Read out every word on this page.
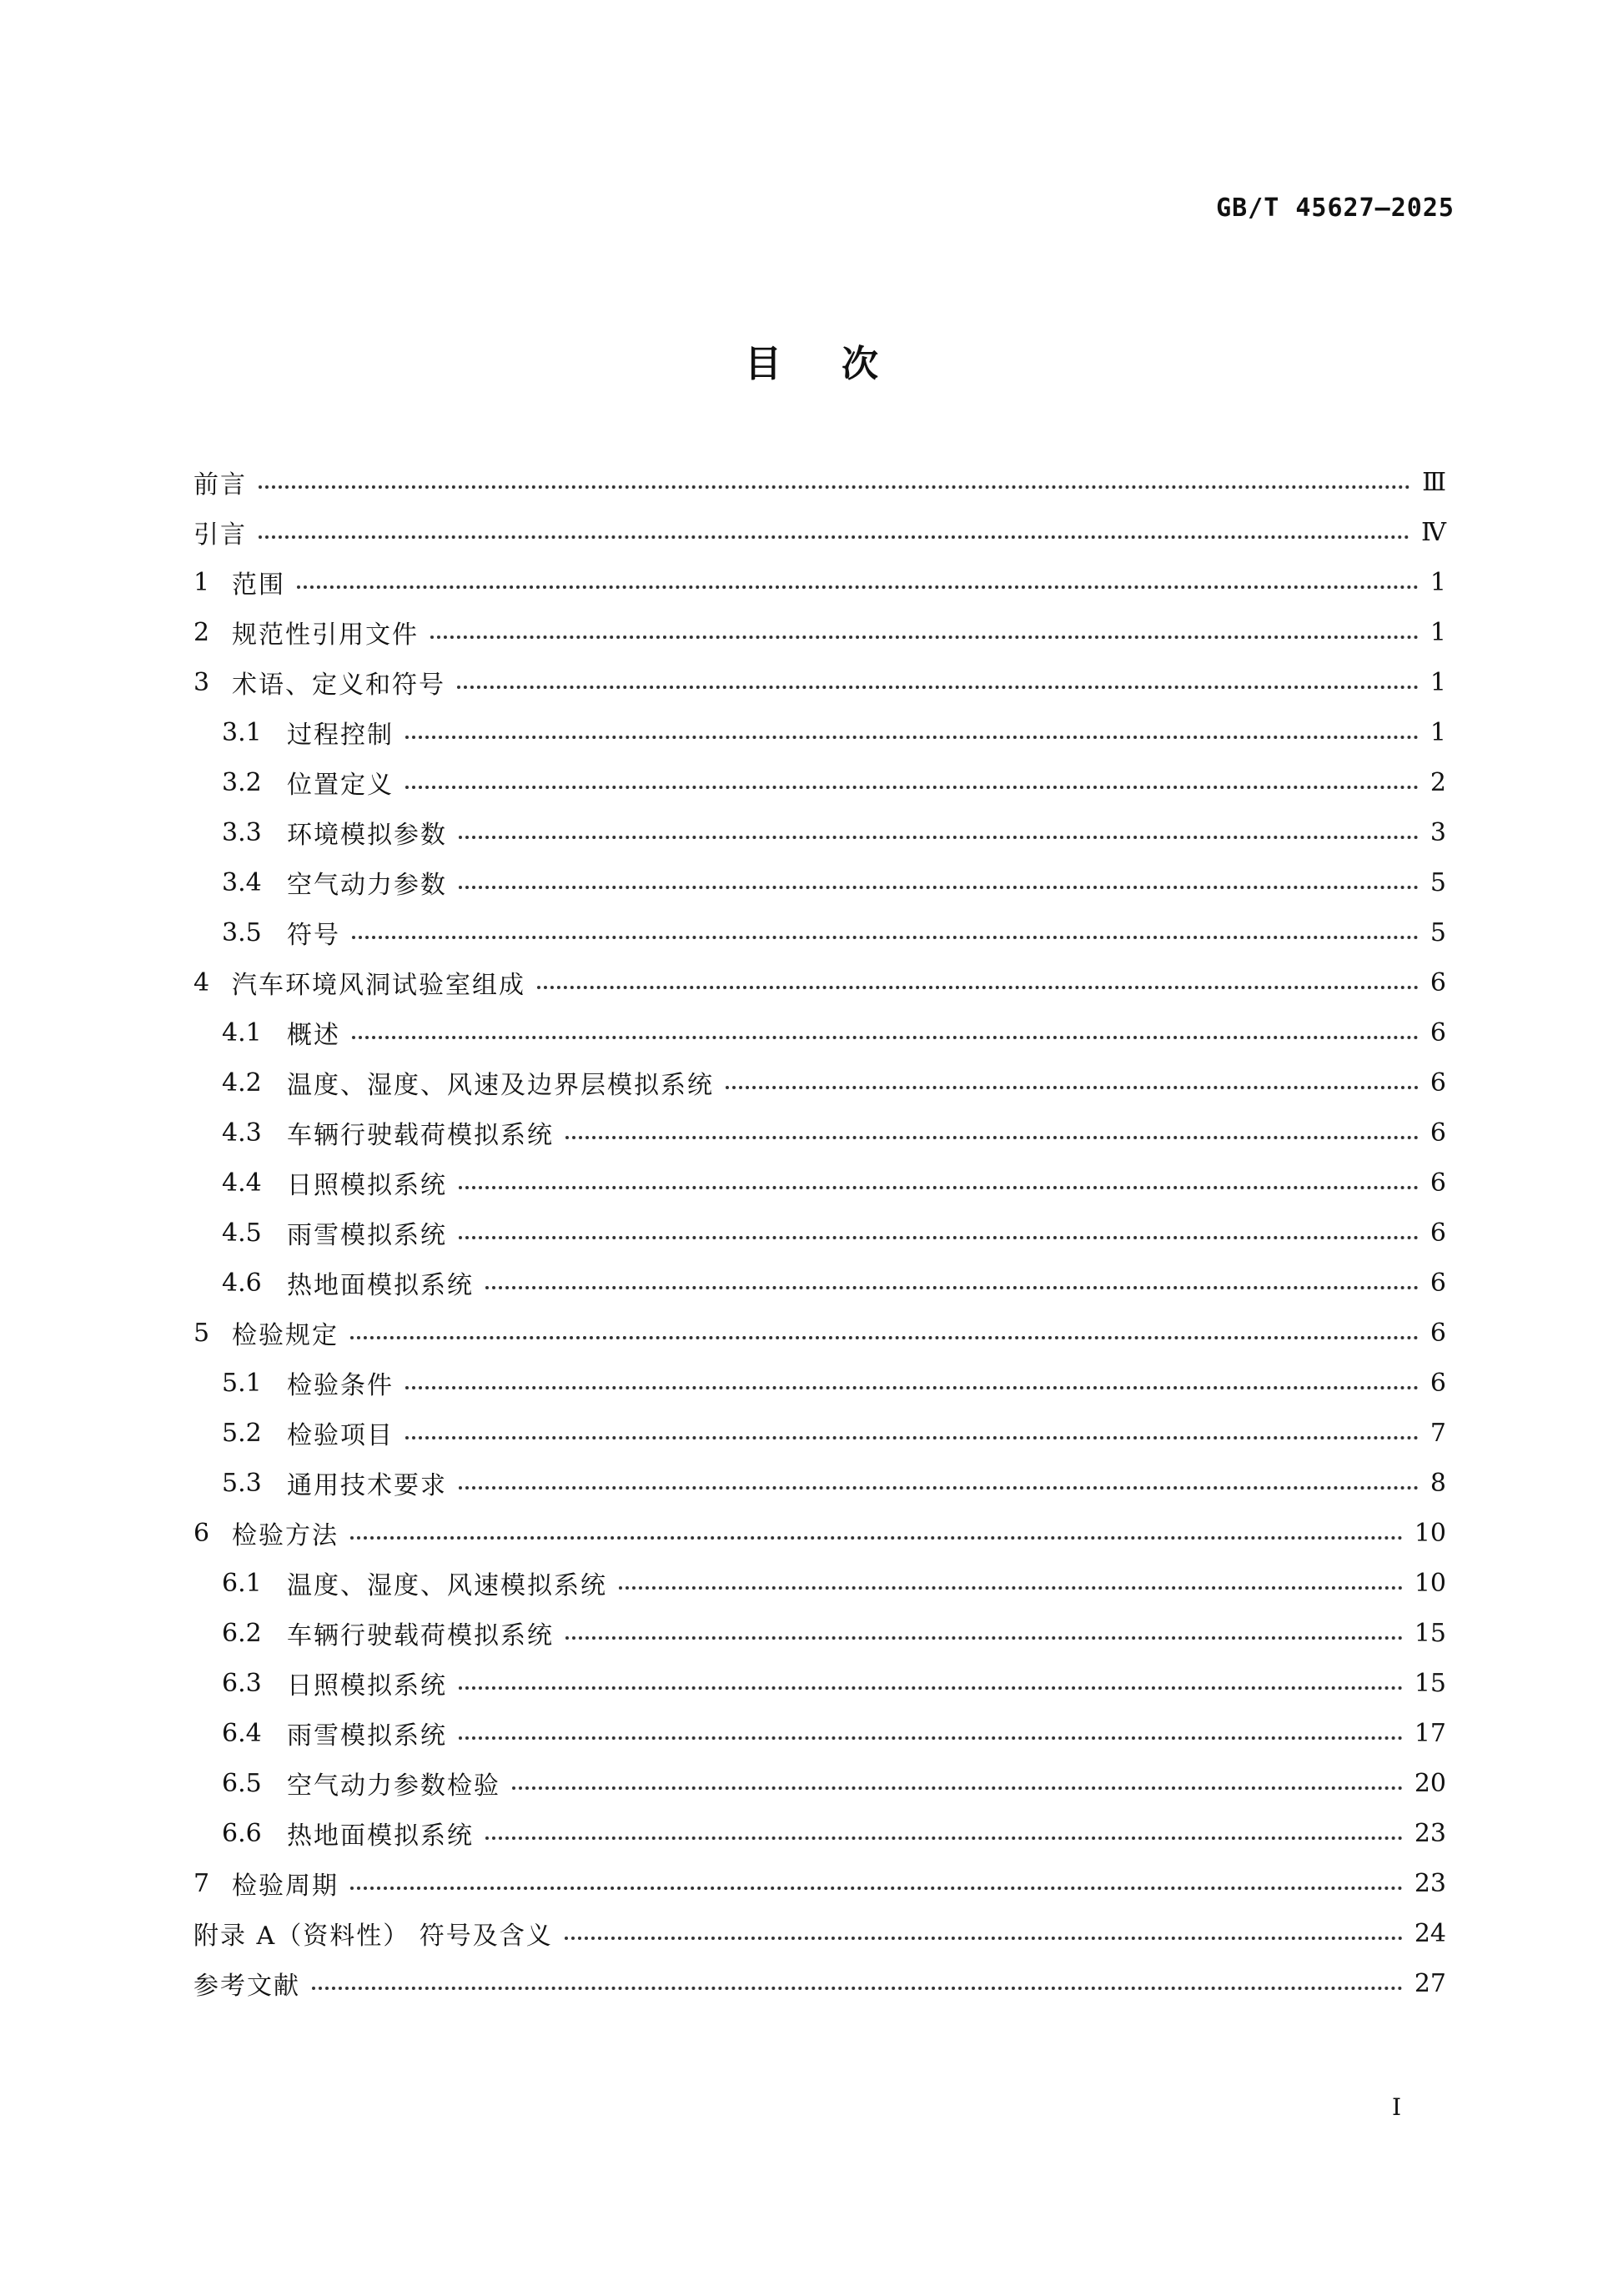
GB/T 45627—2025
目 次
前言	Ⅲ
引言	Ⅳ
1 范围	1
2 规范性引用文件	1
3 术语、定义和符号	1
3.1	过程控制	1
3.2	位置定义	2
3.3	环境模拟参数	3
3.4	空气动力参数	5
3.5	符号	5
4 汽车环境风洞试验室组成	6
4.1	概述	6
4.2	温度、湿度、风速及边界层模拟系统	6
4.3	车辆行驶载荷模拟系统	6
4.4	日照模拟系统	6
4.5	雨雪模拟系统	6
4.6	热地面模拟系统	6
5 检验规定	6
5.1	检验条件	6
5.2	检验项目	7
5.3	通用技术要求	8
6 检验方法	10
6.1	温度、湿度、风速模拟系统	10
6.2	车辆行驶载荷模拟系统	15
6.3	日照模拟系统	15
6.4	雨雪模拟系统	17
6.5	空气动力参数检验	20
6.6	热地面模拟系统	23
7 检验周期	23
附录 A（资料性） 符号及含义	24
参考文献	27
Ⅰ
